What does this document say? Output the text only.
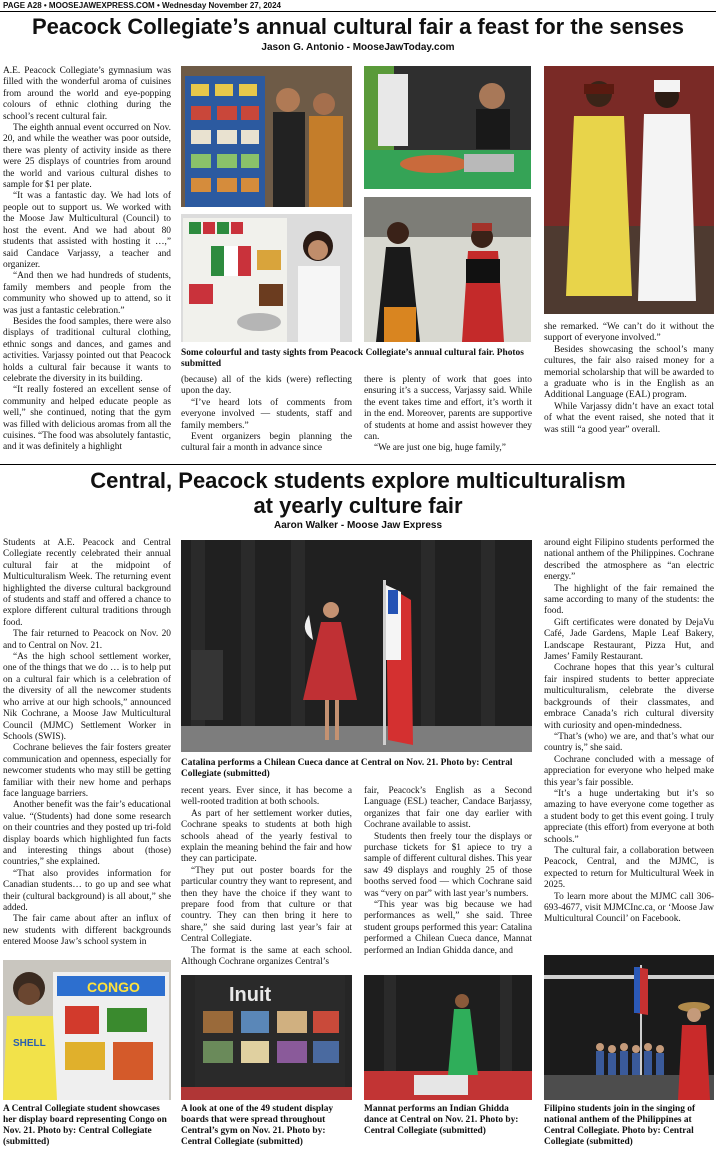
PAGE A28 • MOOSEJAWEXPRESS.COM • Wednesday November 27, 2024
Peacock Collegiate’s annual cultural fair a feast for the senses
Jason G. Antonio - MooseJawToday.com

A.E. Peacock Collegiate’s gymnasium was filled with the wonderful aroma of cuisines from around the world and eye-popping colours of ethnic clothing during the school’s recent cultural fair.

The eighth annual event occurred on Nov. 20, and while the weather was poor outside, there was plenty of activity inside as there were 25 displays of countries from around the world and various cultural dishes to sample for $1 per plate.

“It was a fantastic day. We had lots of people out to support us. We worked with the Moose Jaw Multicultural (Council) to host the event. And we had about 80 students that assisted with hosting it …,” said Candace Varjassy, a teacher and organizer.

“And then we had hundreds of students, family members and people from the community who showed up to attend, so it was just a fantastic celebration.”

Besides the food samples, there were also displays of traditional cultural clothing, ethnic songs and dances, and games and activities. Varjassy pointed out that Peacock holds a cultural fair because it wants to celebrate the diversity in its building.

“It really fostered an excellent sense of community and helped educate people as well,” she continued, noting that the gym was filled with delicious aromas from all the cuisines. “The food was absolutely fantastic, and it was definitely a highlight

Some colourful and tasty sights from Peacock Collegiate’s annual cultural fair. Photos submitted

(because) all of the kids (were) reflecting upon the day.

“I’ve heard lots of comments from everyone involved — students, staff and family members.”

Event organizers begin planning the cultural fair a month in advance since

there is plenty of work that goes into ensuring it’s a success, Varjassy said. While the event takes time and effort, it’s worth it in the end. Moreover, parents are supportive of students at home and assist however they can.

“We are just one big, huge family,”

she remarked. “We can’t do it without the support of everyone involved.”

Besides showcasing the school’s many cultures, the fair also raised money for a memorial scholarship that will be awarded to a graduate who is in the English as an Additional Language (EAL) program.

While Varjassy didn’t have an exact total of what the event raised, she noted that it was still “a good year” overall.

Central, Peacock students explore multiculturalism
at yearly culture fair
Aaron Walker - Moose Jaw Express

Students at A.E. Peacock and Central Collegiate recently celebrated their annual cultural fair at the midpoint of Multiculturalism Week. The returning event highlighted the diverse cultural background of students and staff and offered a chance to explore different cultural traditions through food.

The fair returned to Peacock on Nov. 20 and to Central on Nov. 21.

“As the high school settlement worker, one of the things that we do … is to help put on a cultural fair which is a celebration of the diversity of all the newcomer students who arrive at our high schools,” announced Nik Cochrane, a Moose Jaw Multicultural Council (MJMC) Settlement Worker in Schools (SWIS).

Cochrane believes the fair fosters greater communication and openness, especially for newcomer students who may still be getting familiar with their new home and perhaps face language barriers.

Another benefit was the fair’s educational value. “(Students) had done some research on their countries and they posted up tri-fold display boards which highlighted fun facts and interesting things about (those) countries,” she explained.

“That also provides information for Canadian students… to go up and see what their (cultural background) is all about,” she added.

The fair came about after an influx of new students with different backgrounds entered Moose Jaw’s school system in

Catalina performs a Chilean Cueca dance at Central on Nov. 21. Photo by: Central Collegiate (submitted)

recent years. Ever since, it has become a well-rooted tradition at both schools.

As part of her settlement worker duties, Cochrane speaks to students at both high schools ahead of the yearly festival to explain the meaning behind the fair and how they can participate.

“They put out poster boards for the particular country they want to represent, and then they have the choice if they want to prepare food from that culture or that country. They can then bring it here to share,” she said during last year’s fair at Central Collegiate.

The format is the same at each school. Although Cochrane organizes Central’s

fair, Peacock’s English as a Second Language (ESL) teacher, Candace Barjassy, organizes that fair one day earlier with Cochrane available to assist.

Students then freely tour the displays or purchase tickets for $1 apiece to try a sample of different cultural dishes. This year saw 49 displays and roughly 25 of those booths served food — which Cochrane said was “very on par” with last year’s numbers.

“This year was big because we had performances as well,” she said. Three student groups performed this year: Catalina performed a Chilean Cueca dance, Mannat performed an Indian Ghidda dance, and

around eight Filipino students performed the national anthem of the Philippines. Cochrane described the atmosphere as “an electric energy.”

The highlight of the fair remained the same according to many of the students: the food.

Gift certificates were donated by DejaVu Café, Jade Gardens, Maple Leaf Bakery, Landscape Restaurant, Pizza Hut, and James’ Family Restaurant.

Cochrane hopes that this year’s cultural fair inspired students to better appreciate multiculturalism, celebrate the diverse backgrounds of their classmates, and embrace Canada’s rich cultural diversity with curiosity and open-mindedness.

“That’s (who) we are, and that’s what our country is,” she said.

Cochrane concluded with a message of appreciation for everyone who helped make this year’s fair possible.

“It’s a huge undertaking but it’s so amazing to have everyone come together as a student body to get this event going. I truly appreciate (this effort) from everyone at both schools.”

The cultural fair, a collaboration between Peacock, Central, and the MJMC, is expected to return for Multicultural Week in 2025.

To learn more about the MJMC call 306-693-4677, visit MJMCInc.ca, or ‘Moose Jaw Multicultural Council’ on Facebook.

CONGO
SHELL
Inuit
A Central Collegiate student showcases her display board representing Congo on Nov. 21. Photo by: Central Collegiate (submitted)
A look at one of the 49 student display boards that were spread throughout Central’s gym on Nov. 21. Photo by: Central Collegiate (submitted)
Mannat performs an Indian Ghidda dance at Central on Nov. 21. Photo by: Central Collegiate (submitted)
Filipino students join in the singing of national anthem of the Philippines at Central Collegiate. Photo by: Central Collegiate (submitted)
